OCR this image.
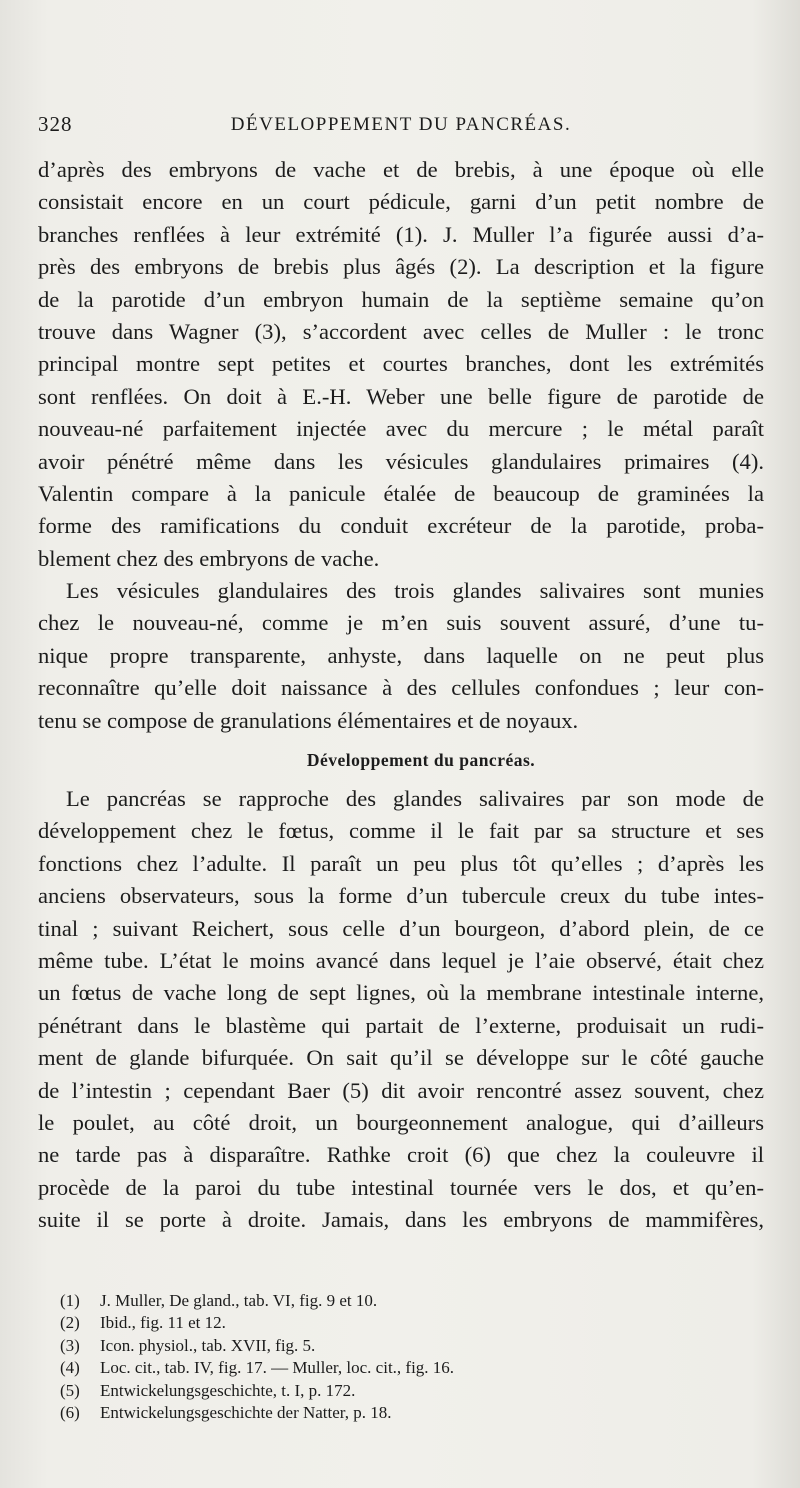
328	DÉVELOPPEMENT DU PANCRÉAS.
d’après des embryons de vache et de brebis, à une époque où elle
consistait encore en un court pédicule, garni d’un petit nombre de
branches renflées à leur extrémité (1). J. Muller l’a figurée aussi d’a-
près des embryons de brebis plus âgés (2). La description et la figure
de la parotide d’un embryon humain de la septième semaine qu’on
trouve dans Wagner (3), s’accordent avec celles de Muller : le tronc
principal montre sept petites et courtes branches, dont les extrémités
sont renflées. On doit à E.-H. Weber une belle figure de parotide de
nouveau-né parfaitement injectée avec du mercure ; le métal paraît
avoir pénétré même dans les vésicules glandulaires primaires (4).
Valentin compare à la panicule étalée de beaucoup de graminées la
forme des ramifications du conduit excréteur de la parotide, proba-
blement chez des embryons de vache.
Les vésicules glandulaires des trois glandes salivaires sont munies
chez le nouveau-né, comme je m’en suis souvent assuré, d’une tu-
nique propre transparente, anhyste, dans laquelle on ne peut plus
reconnaître qu’elle doit naissance à des cellules confondues ; leur con-
tenu se compose de granulations élémentaires et de noyaux.
Développement du pancréas.
Le pancréas se rapproche des glandes salivaires par son mode de
développement chez le fœtus, comme il le fait par sa structure et ses
fonctions chez l’adulte. Il paraît un peu plus tôt qu’elles ; d’après les
anciens observateurs, sous la forme d’un tubercule creux du tube intes-
tinal ; suivant Reichert, sous celle d’un bourgeon, d’abord plein, de ce
même tube. L’état le moins avancé dans lequel je l’aie observé, était chez
un fœtus de vache long de sept lignes, où la membrane intestinale interne,
pénétrant dans le blastème qui partait de l’externe, produisait un rudi-
ment de glande bifurquée. On sait qu’il se développe sur le côté gauche
de l’intestin ; cependant Baer (5) dit avoir rencontré assez souvent, chez
le poulet, au côté droit, un bourgeonnement analogue, qui d’ailleurs
ne tarde pas à disparaître. Rathke croit (6) que chez la couleuvre il
procède de la paroi du tube intestinal tournée vers le dos, et qu’en-
suite il se porte à droite. Jamais, dans les embryons de mammifères,
(1) J. Muller, De gland., tab. VI, fig. 9 et 10.
(2) Ibid., fig. 11 et 12.
(3) Icon. physiol., tab. XVII, fig. 5.
(4) Loc. cit., tab. IV, fig. 17. — Muller, loc. cit., fig. 16.
(5) Entwickelungsgeschichte, t. I, p. 172.
(6) Entwickelungsgeschichte der Natter, p. 18.
